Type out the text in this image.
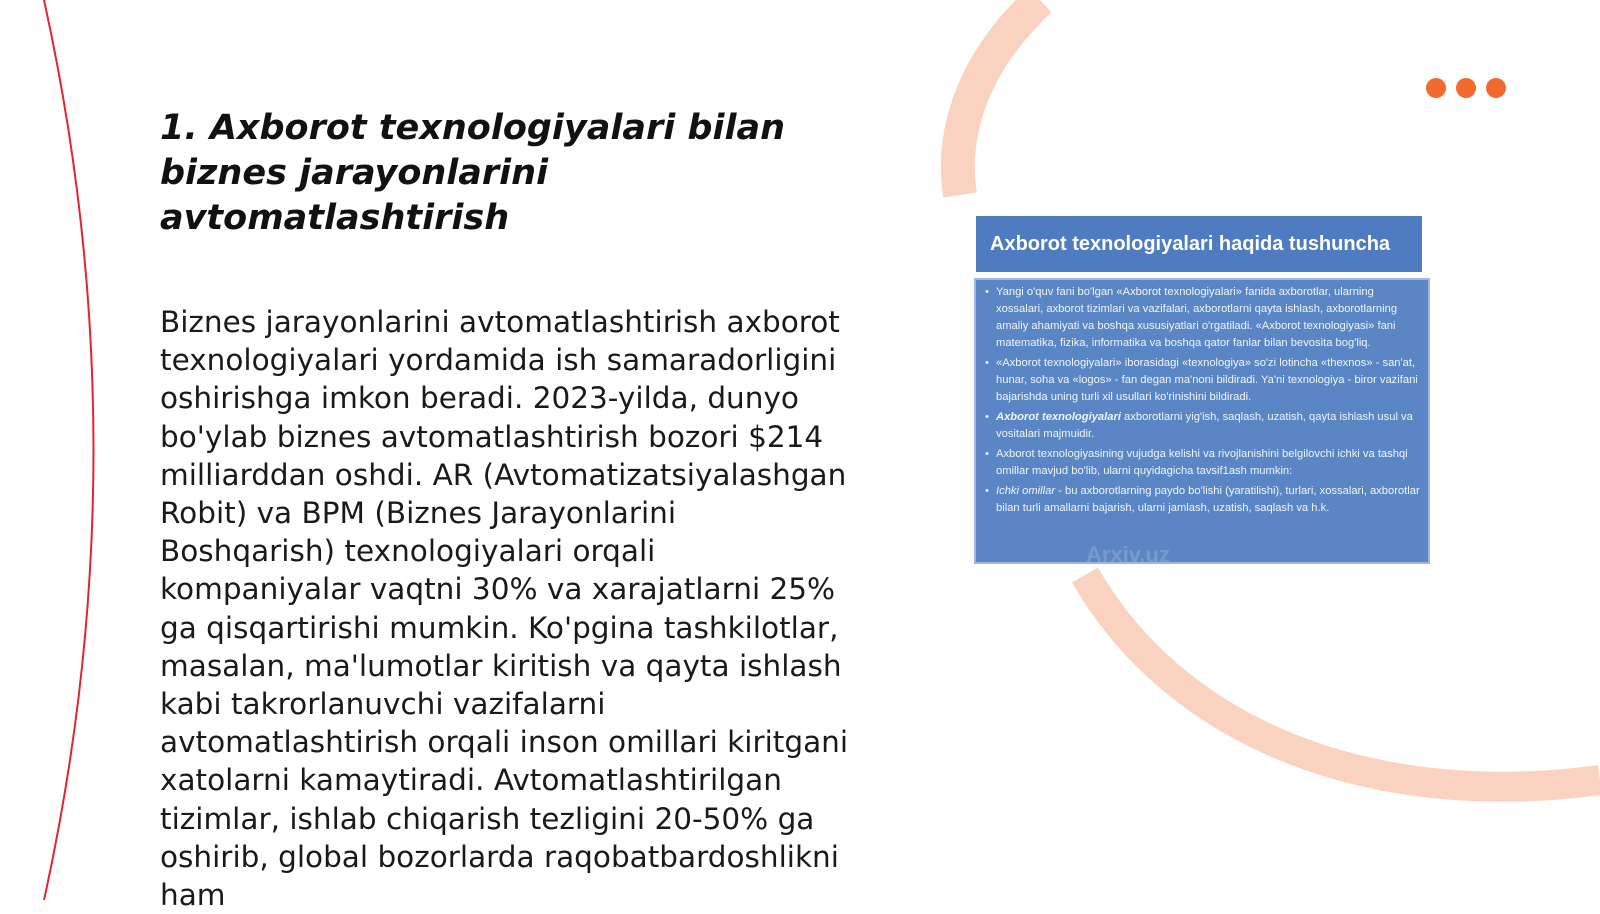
1. Axborot texnologiyalari bilan biznes jarayonlarini avtomatlashtirish

Biznes jarayonlarini avtomatlashtirish axborot texnologiyalari yordamida ish samaradorligini oshirishga imkon beradi. 2023-yilda, dunyo bo'ylab biznes avtomatlashtirish bozori $214 milliarddan oshdi. AR (Avtomatizatsiyalashgan Robit) va BPM (Biznes Jarayonlarini Boshqarish) texnologiyalari orqali kompaniyalar vaqtni 30% va xarajatlarni 25% ga qisqartirishi mumkin. Ko'pgina tashkilotlar, masalan, ma'lumotlar kiritish va qayta ishlash kabi takrorlanuvchi vazifalarni avtomatlashtirish orqali inson omillari kiritgani xatolarni kamaytiradi. Avtomatlashtirilgan tizimlar, ishlab chiqarish tezligini 20-50% ga oshirib, global bozorlarda raqobatbardoshlikni ham

Axborot texnologiyalari haqida tushuncha
• Yangi o'quv fani bo'lgan «Axborot texnologiyalari» fanida axborotlar, ularning xossalari, axborot tizimlari va vazifalari, axborotlarni qayta ishlash, axborotlarning amaliy ahamiyati va boshqa xususiyatlari o'rgatiladi. «Axborot texnologiyasi» fani matematika, fizika, informatika va boshqa qator fanlar bilan bevosita bog'liq.
• «Axborot texnologiyalari» iborasidagi «texnologiya» so'zi lotincha «thexnos» - san'at, hunar, soha va «logos» - fan degan ma'noni bildiradi. Ya'ni texnologiya - biror vazifani bajarishda uning turli xil usullari ko'rinishini bildiradi.
• Axborot texnologiyalari axborotlarni yig'ish, saqlash, uzatish, qayta ishlash usul va vositalari majmuidir.
• Axborot texnologiyasining vujudga kelishi va rivojlanishini belgilovchi ichki va tashqi omillar mavjud bo'lib, ularni quyidagicha tavsif1ash mumkin:
• Ichki omillar - bu axborotlarning paydo bo'lishi (yaratilishi), turlari, xossalari, axborotlar bilan turli amallarni bajarish, ularni jamlash, uzatish, saqlash va h.k.
Arxiv.uz
